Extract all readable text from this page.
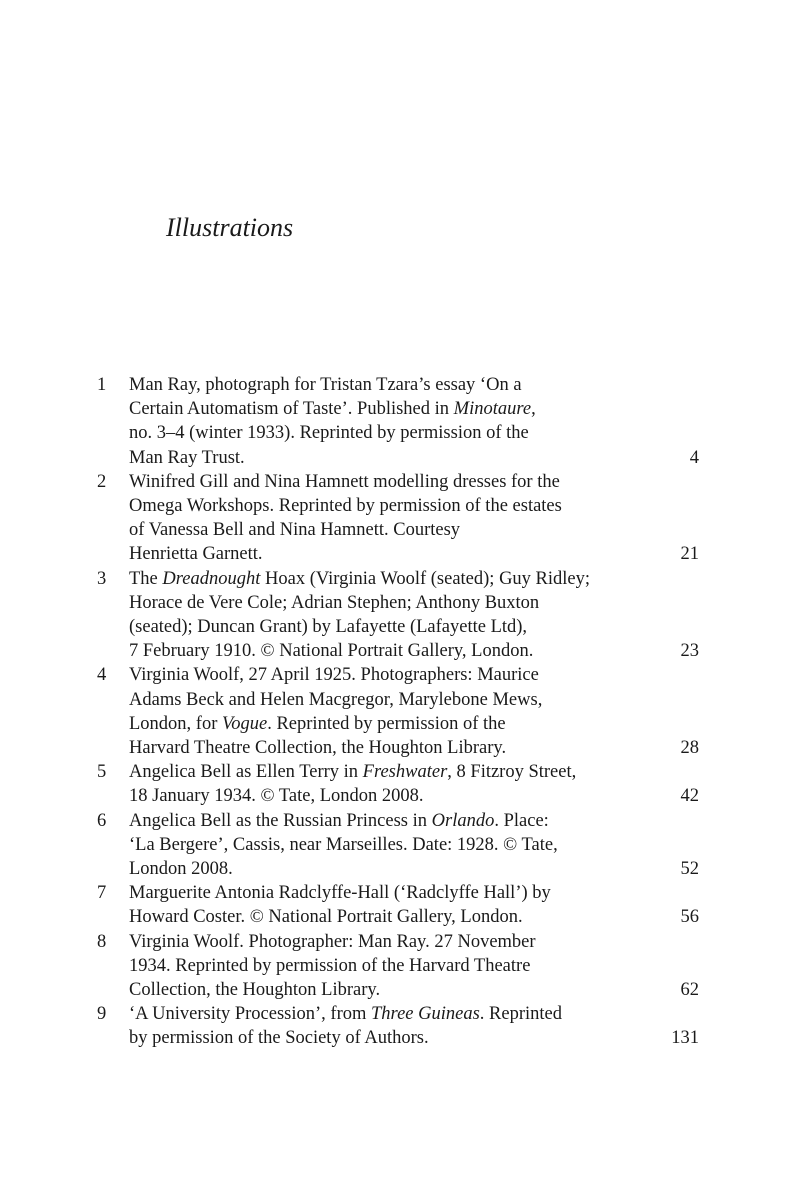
Illustrations
1 Man Ray, photograph for Tristan Tzara’s essay ‘On a
Certain Automatism of Taste’. Published in Minotaure,
no. 3–4 (winter 1933). Reprinted by permission of the
Man Ray Trust.	4
2 Winifred Gill and Nina Hamnett modelling dresses for the
Omega Workshops. Reprinted by permission of the estates
of Vanessa Bell and Nina Hamnett. Courtesy
Henrietta Garnett.	21
3 The Dreadnought Hoax (Virginia Woolf (seated); Guy Ridley;
Horace de Vere Cole; Adrian Stephen; Anthony Buxton
(seated); Duncan Grant) by Lafayette (Lafayette Ltd),
7 February 1910. © National Portrait Gallery, London.	23
4 Virginia Woolf, 27 April 1925. Photographers: Maurice
Adams Beck and Helen Macgregor, Marylebone Mews,
London, for Vogue. Reprinted by permission of the
Harvard Theatre Collection, the Houghton Library.	28
5 Angelica Bell as Ellen Terry in Freshwater, 8 Fitzroy Street,
18 January 1934. © Tate, London 2008.	42
6 Angelica Bell as the Russian Princess in Orlando. Place:
‘La Bergere’, Cassis, near Marseilles. Date: 1928. © Tate,
London 2008.	52
7 Marguerite Antonia Radclyffe-Hall (‘Radclyffe Hall’) by
Howard Coster. © National Portrait Gallery, London.	56
8 Virginia Woolf. Photographer: Man Ray. 27 November
1934. Reprinted by permission of the Harvard Theatre
Collection, the Houghton Library.	62
9 ‘A University Procession’, from Three Guineas. Reprinted
by permission of the Society of Authors.	131
